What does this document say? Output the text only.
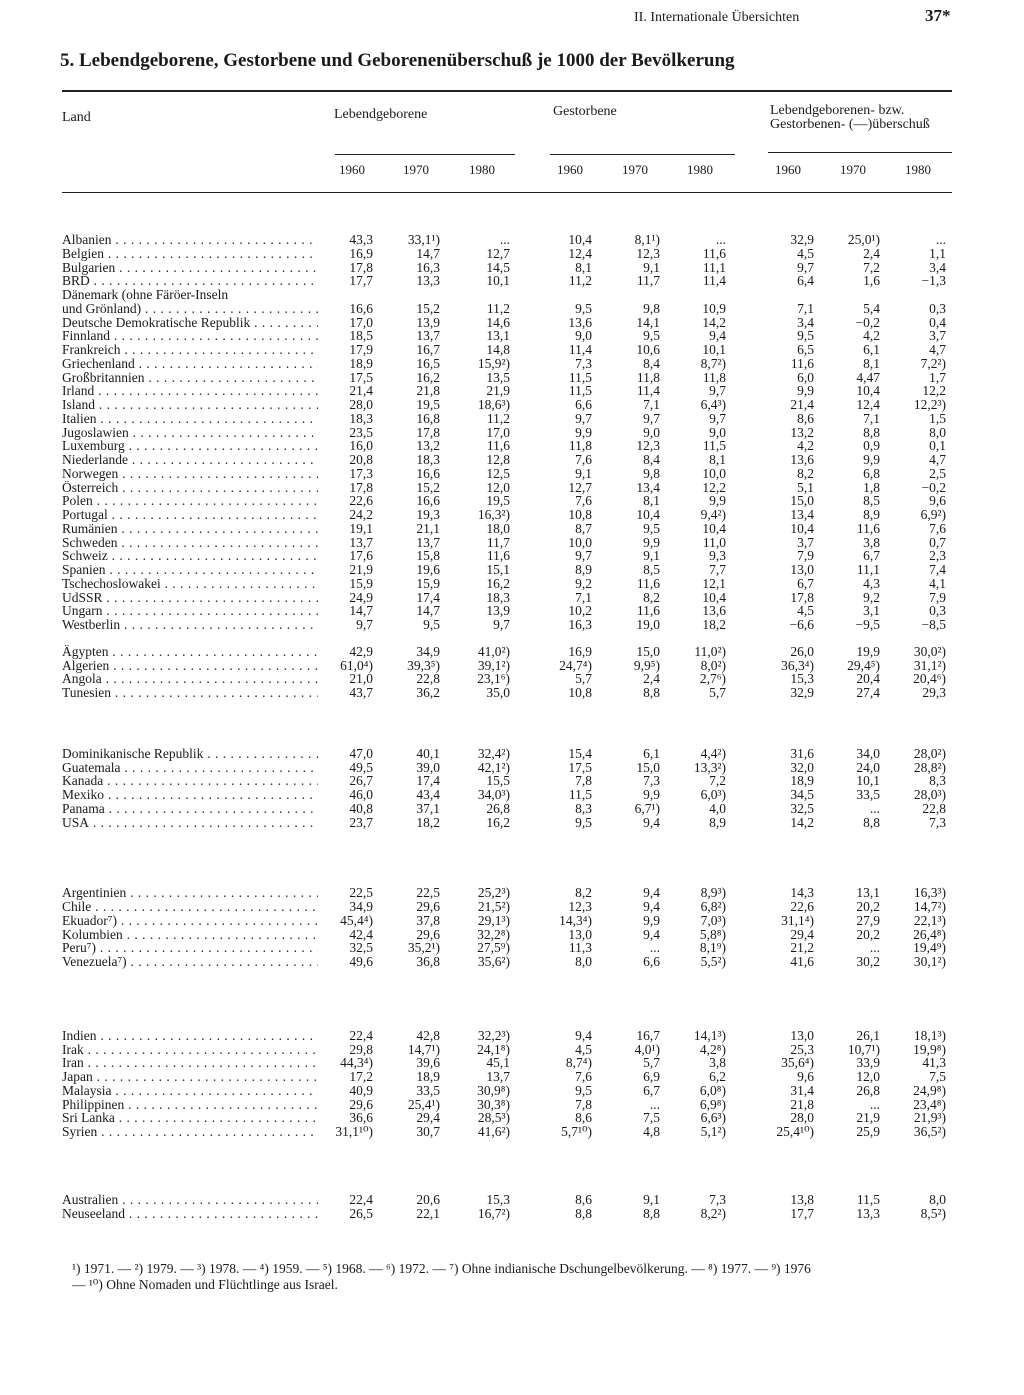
II. Internationale Übersichten	37*
5. Lebendgeborene, Gestorbene und Geborenenüberschuß je 1000 der Bevölkerung
Land	Lebendgeborene	Gestorbene	Lebendgeborenen- bzw. Gestorbenen- (—)überschuß
1960	1970	1980	1960	1970	1980	1960	1970	1980
Albanien . . .	43,3	33,1¹)	...	10,4	8,1¹)	...	32,9	25,0¹)	...
Belgien . . .	16,9	14,7	12,7	12,4	12,3	11,6	4,5	2,4	1,1
Bulgarien . . .	17,8	16,3	14,5	8,1	9,1	11,1	9,7	7,2	3,4
BRD . . .	17,7	13,3	10,1	11,2	11,7	11,4	6,4	1,6	−1,3
Dänemark (ohne Färöer-Inseln
und Grönland) . . .	16,6	15,2	11,2	9,5	9,8	10,9	7,1	5,4	0,3
Deutsche Demokratische Republik . . .	17,0	13,9	14,6	13,6	14,1	14,2	3,4	−0,2	0,4
Finnland . . .	18,5	13,7	13,1	9,0	9,5	9,4	9,5	4,2	3,7
Frankreich . . .	17,9	16,7	14,8	11,4	10,6	10,1	6,5	6,1	4,7
Griechenland . . .	18,9	16,5	15,9²)	7,3	8,4	8,7²)	11,6	8,1	7,2²)
Großbritannien . . .	17,5	16,2	13,5	11,5	11,8	11,8	6,0	4,47	1,7
Irland . . .	21,4	21,8	21,9	11,5	11,4	9,7	9,9	10,4	12,2
Island . . .	28,0	19,5	18,6³)	6,6	7,1	6,4³)	21,4	12,4	12,2³)
Italien . . .	18,3	16,8	11,2	9,7	9,7	9,7	8,6	7,1	1,5
Jugoslawien . . .	23,5	17,8	17,0	9,9	9,0	9,0	13,2	8,8	8,0
Luxemburg . . .	16,0	13,2	11,6	11,8	12,3	11,5	4,2	0,9	0,1
Niederlande . . .	20,8	18,3	12,8	7,6	8,4	8,1	13,6	9,9	4,7
Norwegen . . .	17,3	16,6	12,5	9,1	9,8	10,0	8,2	6,8	2,5
Österreich . . .	17,8	15,2	12,0	12,7	13,4	12,2	5,1	1,8	−0,2
Polen . . .	22,6	16,6	19,5	7,6	8,1	9,9	15,0	8,5	9,6
Portugal . . .	24,2	19,3	16,3²)	10,8	10,4	9,4²)	13,4	8,9	6,9²)
Rumänien . . .	19,1	21,1	18,0	8,7	9,5	10,4	10,4	11,6	7,6
Schweden . . .	13,7	13,7	11,7	10,0	9,9	11,0	3,7	3,8	0,7
Schweiz . . .	17,6	15,8	11,6	9,7	9,1	9,3	7,9	6,7	2,3
Spanien . . .	21,9	19,6	15,1	8,9	8,5	7,7	13,0	11,1	7,4
Tschechoslowakei . . .	15,9	15,9	16,2	9,2	11,6	12,1	6,7	4,3	4,1
UdSSR . . .	24,9	17,4	18,3	7,1	8,2	10,4	17,8	9,2	7,9
Ungarn . . .	14,7	14,7	13,9	10,2	11,6	13,6	4,5	3,1	0,3
Westberlin . . .	9,7	9,5	9,7	16,3	19,0	18,2	−6,6	−9,5	−8,5
Ägypten . . .	42,9	34,9	41,0²)	16,9	15,0	11,0²)	26,0	19,9	30,0²)
Algerien . . .	61,0⁴)	39,3⁵)	39,1²)	24,7⁴)	9,9⁵)	8,0²)	36,3⁴)	29,4⁵)	31,1²)
Angola . . .	21,0	22,8	23,1⁶)	5,7	2,4	2,7⁶)	15,3	20,4	20,4⁶)
Tunesien . . .	43,7	36,2	35,0	10,8	8,8	5,7	32,9	27,4	29,3
Dominikanische Republik . . .	47,0	40,1	32,4²)	15,4	6,1	4,4²)	31,6	34,0	28,0²)
Guatemala . . .	49,5	39,0	42,1²)	17,5	15,0	13,3²)	32,0	24,0	28,8²)
Kanada . . .	26,7	17,4	15,5	7,8	7,3	7,2	18,9	10,1	8,3
Mexiko . . .	46,0	43,4	34,0³)	11,5	9,9	6,0³)	34,5	33,5	28,0³)
Panama . . .	40,8	37,1	26,8	8,3	6,7¹)	4,0	32,5	...	22,8
USA . . .	23,7	18,2	16,2	9,5	9,4	8,9	14,2	8,8	7,3
Argentinien . . .	22,5	22,5	25,2³)	8,2	9,4	8,9³)	14,3	13,1	16,3³)
Chile . . .	34,9	29,6	21,5²)	12,3	9,4	6,8²)	22,6	20,2	14,7²)
Ekuador⁷) . . .	45,4⁴)	37,8	29,1³)	14,3⁴)	9,9	7,0³)	31,1⁴)	27,9	22,1³)
Kolumbien . . .	42,4	29,6	32,2⁸)	13,0	9,4	5,8⁸)	29,4	20,2	26,4⁸)
Peru⁷) . . .	32,5	35,2¹)	27,5⁹)	11,3	...	8,1⁹)	21,2	...	19,4⁹)
Venezuela⁷) . . .	49,6	36,8	35,6²)	8,0	6,6	5,5²)	41,6	30,2	30,1²)
Indien . . .	22,4	42,8	32,2³)	9,4	16,7	14,1³)	13,0	26,1	18,1³)
Irak . . .	29,8	14,7¹)	24,1⁸)	4,5	4,0¹)	4,2⁸)	25,3	10,7¹)	19,9⁸)
Iran . . .	44,3⁴)	39,6	45,1	8,7⁴)	5,7	3,8	35,6⁴)	33,9	41,3
Japan . . .	17,2	18,9	13,7	7,6	6,9	6,2	9,6	12,0	7,5
Malaysia . . .	40,9	33,5	30,9⁸)	9,5	6,7	6,0⁸)	31,4	26,8	24,9⁸)
Philippinen . . .	29,6	25,4¹)	30,3⁸)	7,8	...	6,9⁸)	21,8	...	23,4⁸)
Sri Lanka . . .	36,6	29,4	28,5³)	8,6	7,5	6,6³)	28,0	21,9	21,9³)
Syrien . . .	31,1¹⁰)	30,7	41,6²)	5,7¹⁰)	4,8	5,1²)	25,4¹⁰)	25,9	36,5²)
Australien . . .	22,4	20,6	15,3	8,6	9,1	7,3	13,8	11,5	8,0
Neuseeland . . .	26,5	22,1	16,7²)	8,8	8,8	8,2²)	17,7	13,3	8,5²)
¹) 1971. — ²) 1979. — ³) 1978. — ⁴) 1959. — ⁵) 1968. — ⁶) 1972. — ⁷) Ohne indianische Dschungelbevölkerung. — ⁸) 1977. — ⁹) 1976
— ¹⁰) Ohne Nomaden und Flüchtlinge aus Israel.
